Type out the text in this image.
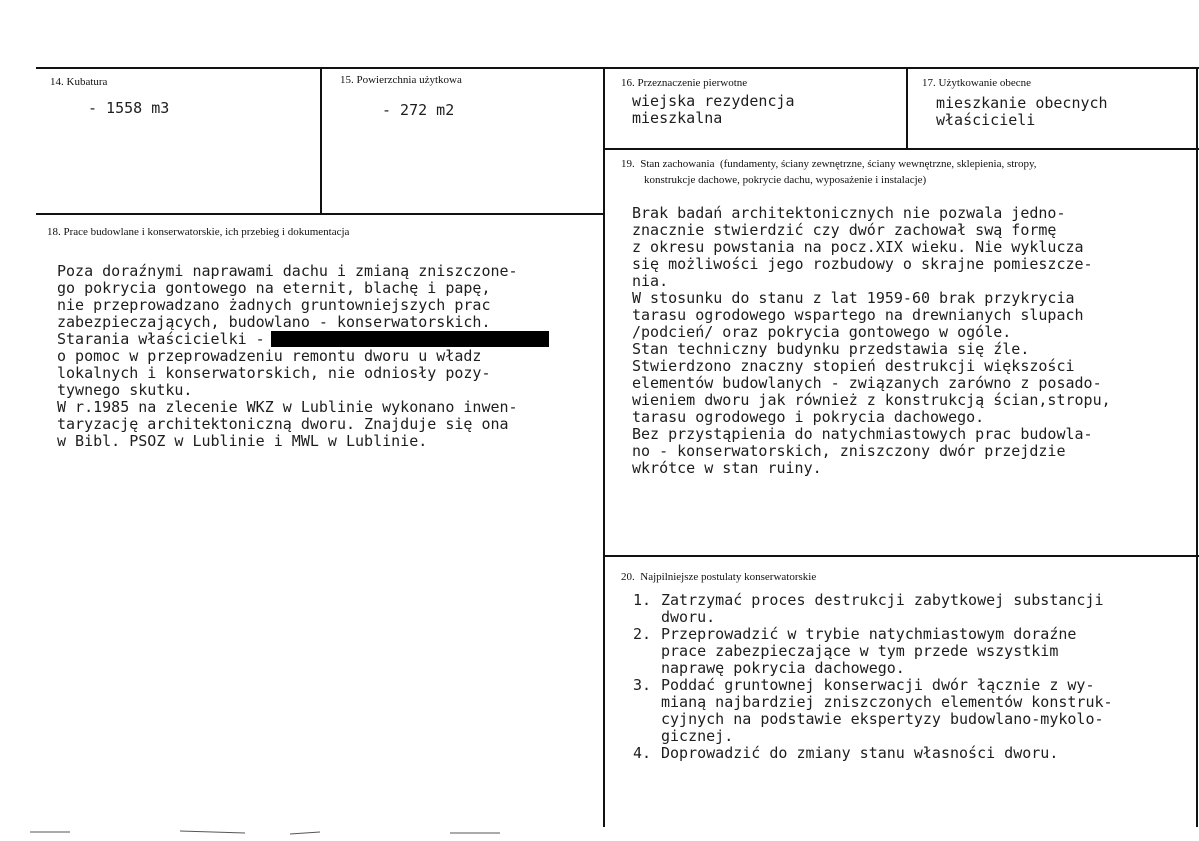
14. Kubatura
- 1558 m3
15. Powierzchnia użytkowa
- 272 m2
16. Przeznaczenie pierwotne
wiejska rezydencja
mieszkalna
17. Użytkowanie obecne
mieszkanie obecnych
właścicieli
19.  Stan zachowania  (fundamenty, ściany zewnętrzne, ściany wewnętrzne, sklepienia, stropy,
konstrukcje dachowe, pokrycie dachu, wyposażenie i instalacje)
Brak badań architektonicznych nie pozwala jedno-
znacznie stwierdzić czy dwór zachował swą formę
z okresu powstania na pocz.XIX wieku. Nie wyklucza
się możliwości jego rozbudowy o skrajne pomieszcze-
nia.
W stosunku do stanu z lat 1959-60 brak przykrycia
tarasu ogrodowego wspartego na drewnianych slupach
/podcień/ oraz pokrycia gontowego w ogóle.
Stan techniczny budynku przedstawia się źle.
Stwierdzono znaczny stopień destrukcji większości
elementów budowlanych - związanych zarówno z posado-
wieniem dworu jak również z konstrukcją ścian,stropu,
tarasu ogrodowego i pokrycia dachowego.
Bez przystąpienia do natychmiastowych prac budowla-
no - konserwatorskich, zniszczony dwór przejdzie
wkrótce w stan ruiny.
18. Prace budowlane i konserwatorskie, ich przebieg i dokumentacja
Poza doraźnymi naprawami dachu i zmianą zniszczone-
go pokrycia gontowego na eternit, blachę i papę,
nie przeprowadzano żadnych gruntowniejszych prac
zabezpieczających, budowlano - konserwatorskich.
Starania właścicielki -
o pomoc w przeprowadzeniu remontu dworu u władz
lokalnych i konserwatorskich, nie odniosły pozy-
tywnego skutku.
W r.1985 na zlecenie WKZ w Lublinie wykonano inwen-
taryzację architektoniczną dworu. Znajduje się ona
w Bibl. PSOZ w Lublinie i MWL w Lublinie.
20.  Najpilniejsze postulaty konserwatorskie
1. Zatrzymać proces destrukcji zabytkowej substancji
dworu.
2. Przeprowadzić w trybie natychmiastowym doraźne
prace zabezpieczające w tym przede wszystkim
naprawę pokrycia dachowego.
3. Poddać gruntownej konserwacji dwór łącznie z wy-
mianą najbardziej zniszczonych elementów konstruk-
cyjnych na podstawie ekspertyzy budowlano-mykolo-
gicznej.
4. Doprowadzić do zmiany stanu własności dworu.
